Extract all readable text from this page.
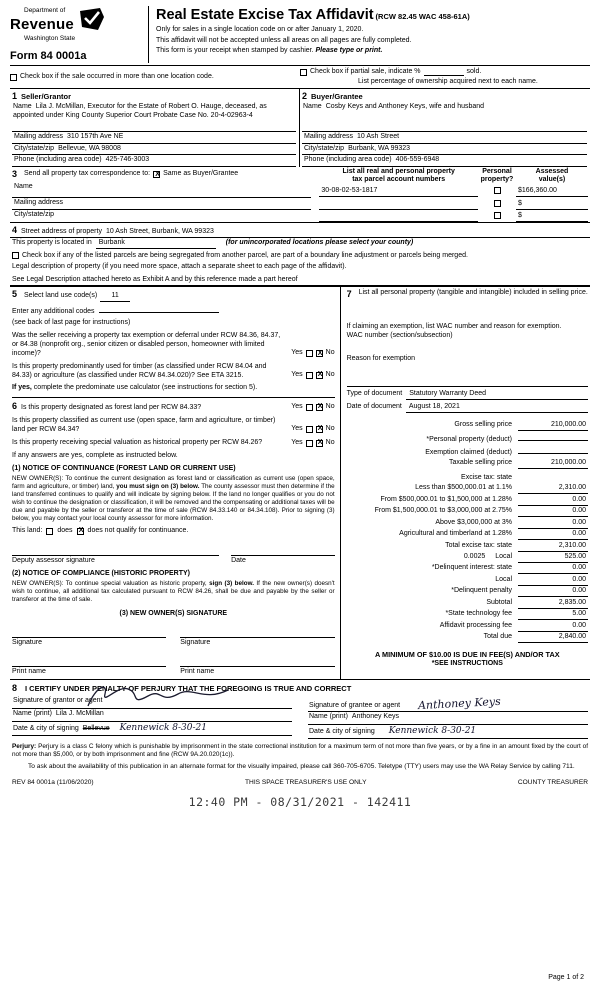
Department of
Revenue
Washington State
Form 84 0001a
Real Estate Excise Tax Affidavit (RCW 82.45 WAC 458-61A)
Only for sales in a single location code on or after January 1, 2020.
This affidavit will not be accepted unless all areas on all pages are fully completed.
This form is your receipt when stamped by cashier. Please type or print.
Check box if the sale occurred in more than one location code.
Check box if partial sale, indicate %	sold.
List percentage of ownership acquired next to each name.
1 Seller/Grantor
Name Lila J. McMillan, Executor for the Estate of Robert O. Hauge, deceased, as appointed under King County Superior Court Probate Case No. 20-4-02963-4
Mailing address 310 157th Ave NE
City/state/zip Bellevue, WA 98008
Phone (including area code) 425-746-3003
2 Buyer/Grantee
Name Cosby Keys and Anthoney Keys, wife and husband
Mailing address 10 Ash Street
City/state/zip Burbank, WA 99323
Phone (including area code) 406-559-6948
3 Send all property tax correspondence to: X Same as Buyer/Grantee
Name
Mailing address
City/state/zip
List all real and personal property
tax parcel account numbers
Personal
property?
Assessed
value(s)
30-08-02-53-1817	$166,360.00
$
$
4 Street address of property 10 Ash Street, Burbank, WA 99323
This property is located in	Burbank	(for unincorporated locations please select your county)
Check box if any of the listed parcels are being segregated from another parcel, are part of a boundary line adjustment or parcels being merged.
Legal description of property (if you need more space, attach a separate sheet to each page of the affidavit).
See Legal Description attached hereto as Exhibit A and by this reference made a part hereof
5 Select land use code(s)	11
Enter any additional codes
(see back of last page for instructions)
Was the seller receiving a property tax exemption or deferral under RCW 84.36, 84.37, or 84.38 (nonprofit org., senior citizen or disabled person, homeowner with limited income)?	Yes X	No
Is this property predominantly used for timber (as classified under RCW 84.04 and 84.33) or agriculture (as classified under RCW 84.34.020)? See ETA 3215.	Yes X	No
If yes, complete the predominate use calculator (see instructions for section 5).
6 Is this property designated as forest land per RCW 84.33?	Yes X	No
Is this property classified as current use (open space, farm and agriculture, or timber) land per RCW 84.34?	Yes X	No
Is this property receiving special valuation as historical property per RCW 84.26?	Yes X	No
If any answers are yes, complete as instructed below.
(1) NOTICE OF CONTINUANCE (FOREST LAND OR CURRENT USE)
NEW OWNER(S): To continue the current designation as forest land or classification as current use (open space, farm and agriculture, or timber) land, you must sign on (3) below. The county assessor must then determine if the land transferred continues to qualify and will indicate by signing below. If the land no longer qualifies or you do not wish to continue the designation or classification, it will be removed and the compensating or additional taxes will be due and payable by the seller or transferor at the time of sale (RCW 84.33.140 or 84.34.108). Prior to signing (3) below, you may contact your local county assessor for more information.
This land: does X does not qualify for continuance.
Deputy assessor signature	Date
(2) NOTICE OF COMPLIANCE (HISTORIC PROPERTY)
NEW OWNER(S): To continue special valuation as historic property, sign (3) below. If the new owner(s) doesn't wish to continue, all additional tax calculated pursuant to RCW 84.26, shall be due and payable by the seller or transferor at the time of sale.
(3) NEW OWNER(S) SIGNATURE
Signature	Signature
Print name	Print name
7 List all personal property (tangible and intangible) included in selling price.
If claiming an exemption, list WAC number and reason for exemption.
WAC number (section/subsection)
Reason for exemption
Type of document	Statutory Warranty Deed
Date of document	August 18, 2021
Gross selling price	210,000.00
*Personal property (deduct)
Exemption claimed (deduct)
Taxable selling price	210,000.00
Excise tax: state
Less than $500,000.01 at 1.1%	2,310.00
From $500,000.01 to $1,500,000 at 1.28%	0.00
From $1,500,000.01 to $3,000,000 at 2.75%	0.00
Above $3,000,000 at 3%	0.00
Agricultural and timberland at 1.28%	0.00
Total excise tax: state	2,310.00
0.0025 Local	525.00
*Delinquent interest: state	0.00
Local	0.00
*Delinquent penalty	0.00
Subtotal	2,835.00
*State technology fee	5.00
Affidavit processing fee	0.00
Total due	2,840.00
A MINIMUM OF $10.00 IS DUE IN FEE(S) AND/OR TAX
*SEE INSTRUCTIONS
8 I CERTIFY UNDER PENALTY OF PERJURY THAT THE FOREGOING IS TRUE AND CORRECT
Signature of grantor or agent
Name (print) Lila J. McMillan
Date & city of signing Bellevue Kennewick 8-30-21
Signature of grantee or agent Anthoney Keys
Name (print) Anthoney Keys
Date & city of signing Kennewick 8-30-21
Perjury: Perjury is a class C felony which is punishable by imprisonment in the state correctional institution for a maximum term of not more than five years, or by a fine in an amount fixed by the court of not more than $5,000, or by both imprisonment and fine (RCW 9A.20.020(1c)).
To ask about the availability of this publication in an alternate format for the visually impaired, please call 360-705-6705. Teletype (TTY) users may use the WA Relay Service by calling 711.
REV 84 0001a (11/06/2020)	THIS SPACE TREASURER'S USE ONLY	COUNTY TREASURER
12:40 PM - 08/31/2021 - 142411
Page 1 of 2
